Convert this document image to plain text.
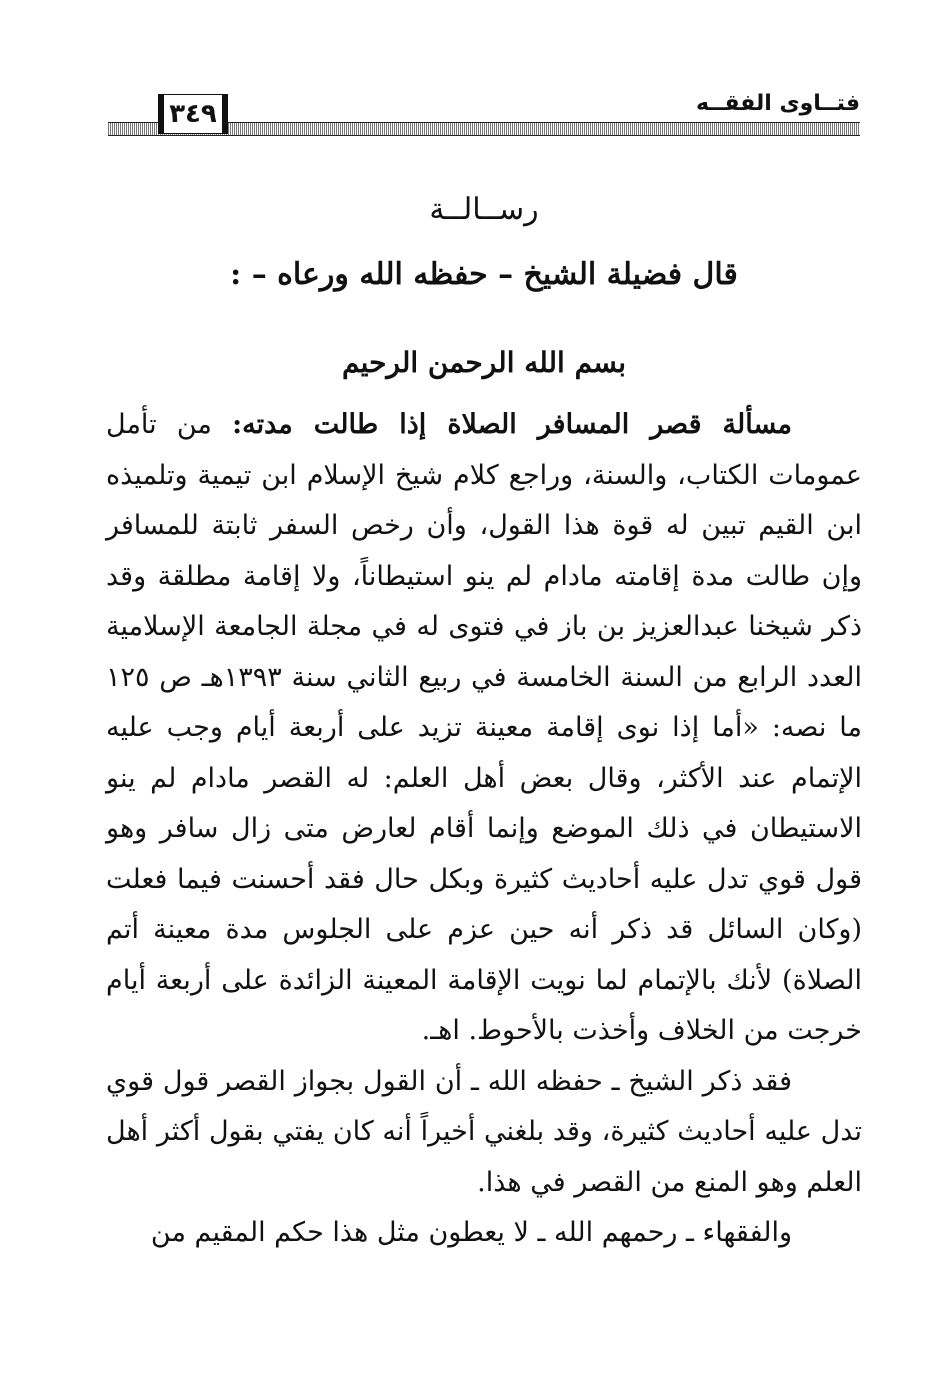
٣٤٩	فتــاوى الفقــه
رســالــة
قال فضيلة الشيخ – حفظه الله ورعاه – :
بسم الله الرحمن الرحيم

مسألة قصر المسافر الصلاة إذا طالت مدته: من تأمل عمومات الكتاب، والسنة، وراجع كلام شيخ الإسلام ابن تيمية وتلميذه ابن القيم تبين له قوة هذا القول، وأن رخص السفر ثابتة للمسافر وإن طالت مدة إقامته مادام لم ينو استيطاناً، ولا إقامة مطلقة وقد ذكر شيخنا عبدالعزيز بن باز في فتوى له في مجلة الجامعة الإسلامية العدد الرابع من السنة الخامسة في ربيع الثاني سنة ١٣٩٣هـ ص ١٢٥ ما نصه: «أما إذا نوى إقامة معينة تزيد على أربعة أيام وجب عليه الإتمام عند الأكثر، وقال بعض أهل العلم: له القصر مادام لم ينو الاستيطان في ذلك الموضع وإنما أقام لعارض متى زال سافر وهو قول قوي تدل عليه أحاديث كثيرة وبكل حال فقد أحسنت فيما فعلت (وكان السائل قد ذكر أنه حين عزم على الجلوس مدة معينة أتم الصلاة) لأنك بالإتمام لما نويت الإقامة المعينة الزائدة على أربعة أيام خرجت من الخلاف وأخذت بالأحوط. اهـ.

فقد ذكر الشيخ ـ حفظه الله ـ أن القول بجواز القصر قول قوي تدل عليه أحاديث كثيرة، وقد بلغني أخيراً أنه كان يفتي بقول أكثر أهل العلم وهو المنع من القصر في هذا.

والفقهاء ـ رحمهم الله ـ لا يعطون مثل هذا حكم المقيم من
